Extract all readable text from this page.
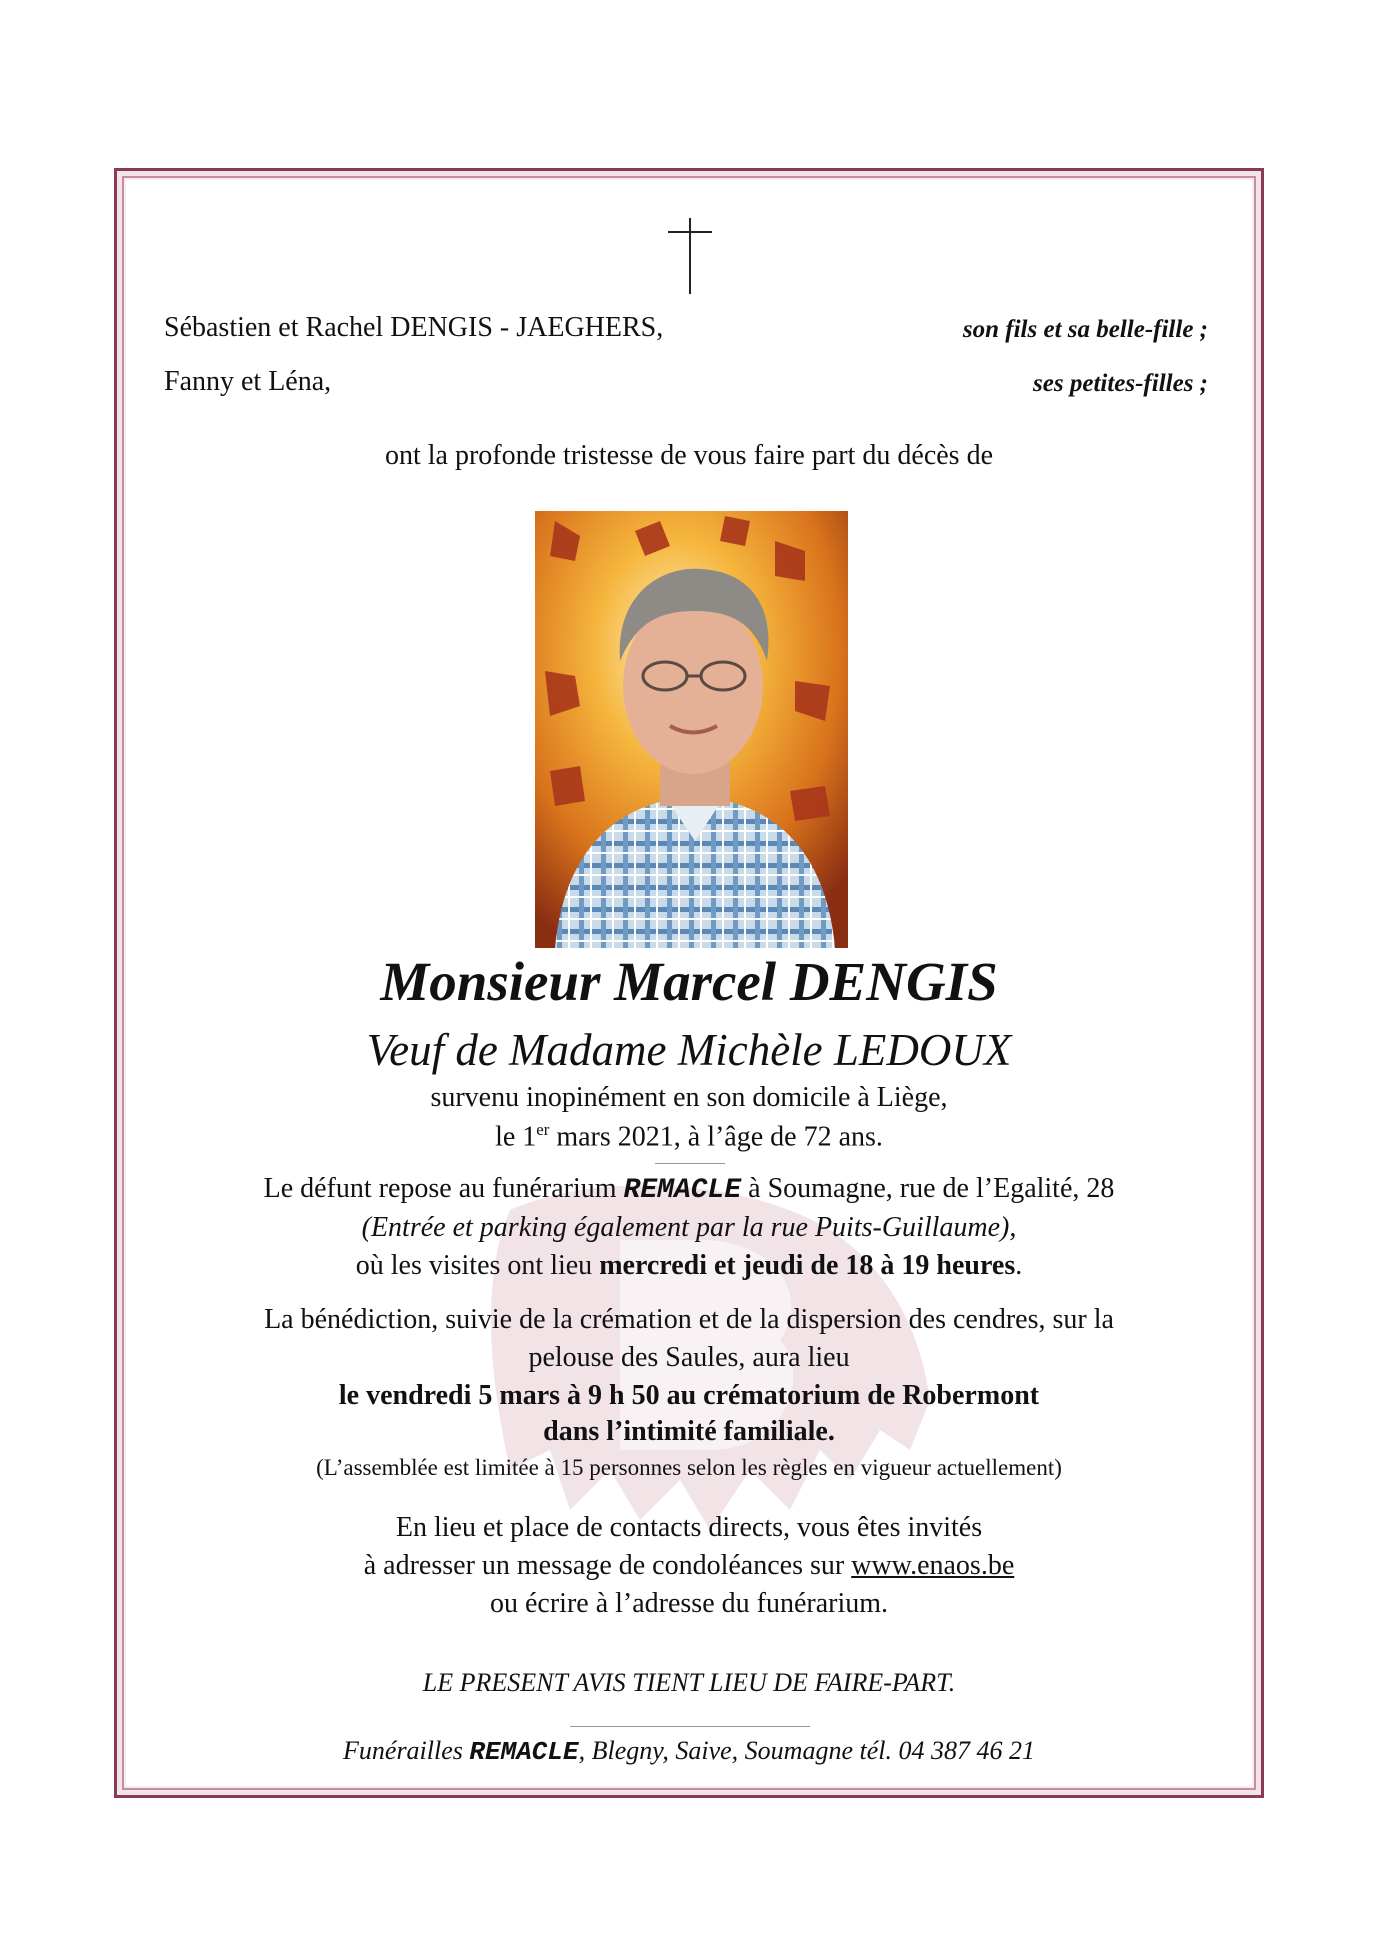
Sébastien et Rachel DENGIS - JAEGHERS,	son fils et sa belle-fille ;
Fanny et Léna,	ses petites-filles ;
ont la profonde tristesse de vous faire part du décès de
Monsieur Marcel DENGIS
Veuf de Madame Michèle LEDOUX
survenu inopinément en son domicile à Liège,
le 1er mars 2021, à l’âge de 72 ans.
Le défunt repose au funérarium REMACLE à Soumagne, rue de l’Egalité, 28
(Entrée et parking également par la rue Puits-Guillaume),
où les visites ont lieu mercredi et jeudi de 18 à 19 heures.
La bénédiction, suivie de la crémation et de la dispersion des cendres, sur la
pelouse des Saules, aura lieu
le vendredi 5 mars à 9 h 50 au crématorium de Robermont
dans l’intimité familiale.
(L’assemblée est limitée à 15 personnes selon les règles en vigueur actuellement)
En lieu et place de contacts directs, vous êtes invités
à adresser un message de condoléances sur www.enaos.be
ou écrire à l’adresse du funérarium.
LE PRESENT AVIS TIENT LIEU DE FAIRE-PART.
Funérailles REMACLE, Blegny, Saive, Soumagne tél. 04 387 46 21
